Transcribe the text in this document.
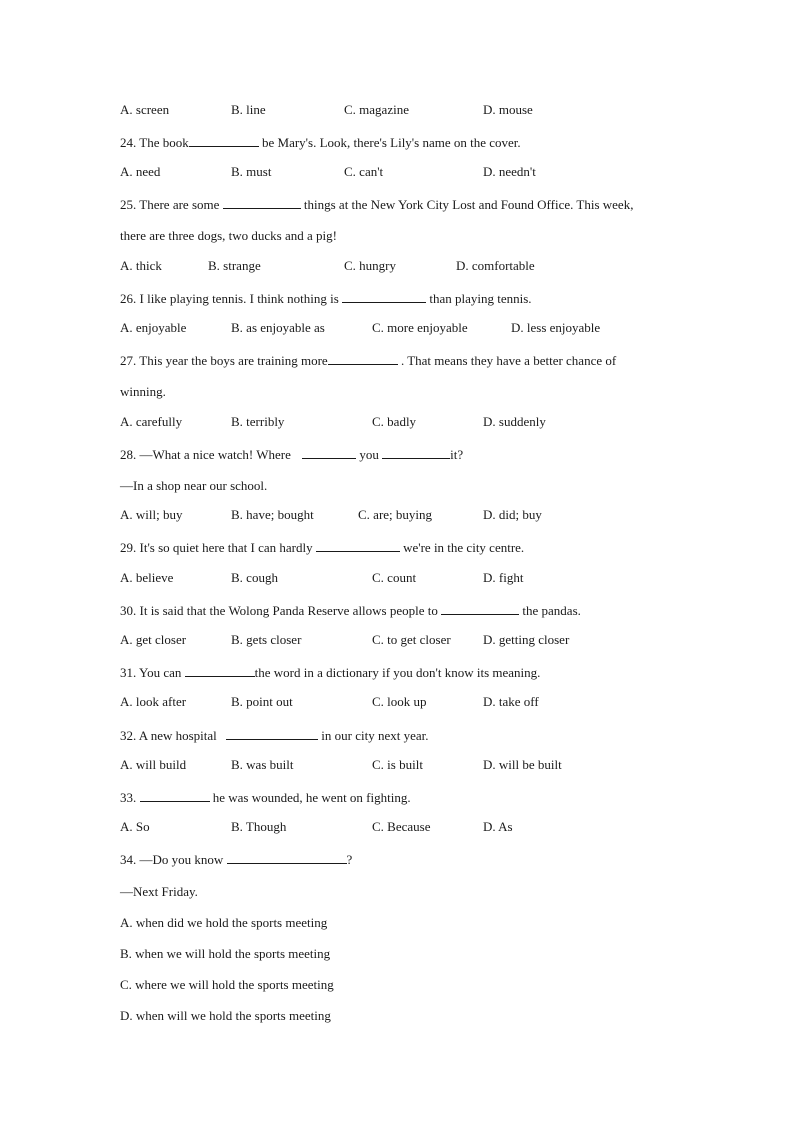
A. screen	B. line	C. magazine	D. mouse
24. The book	be Mary's. Look, there's Lily's name on the cover.
A. need	B. must	C. can't	D. needn't
25. There are some	things at the New York City Lost and Found Office. This week,
there are three dogs, two ducks and a pig!
A. thick	B. strange	C. hungry	D. comfortable
26. I like playing tennis. I think nothing is	than playing tennis.
A. enjoyable	B. as enjoyable as	C. more enjoyable	D. less enjoyable
27. This year the boys are training more	. That means they have a better chance of
winning.
A. carefully	B. terribly	C. badly	D. suddenly
28. —What a nice watch! Where	you	it?
—In a shop near our school.
A. will; buy	B. have; bought	C. are; buying	D. did; buy
29. It's so quiet here that I can hardly	we're in the city centre.
A. believe	B. cough	C. count	D. fight
30. It is said that the Wolong Panda Reserve allows people to	the pandas.
A. get closer	B. gets closer	C. to get closer D. getting closer
31. You can	the word in a dictionary if you don't know its meaning.
A. look after	B. point out	C. look up	D. take off
32. A new hospital	in our city next year.
A. will build	B. was built	C. is built	D. will be built
33.	he was wounded, he went on fighting.
A. So	B. Though	C. Because	D. As
34. —Do you know	?
—Next Friday.
A. when did we hold the sports meeting
B. when we will hold the sports meeting
C. where we will hold the sports meeting
D. when will we hold the sports meeting
